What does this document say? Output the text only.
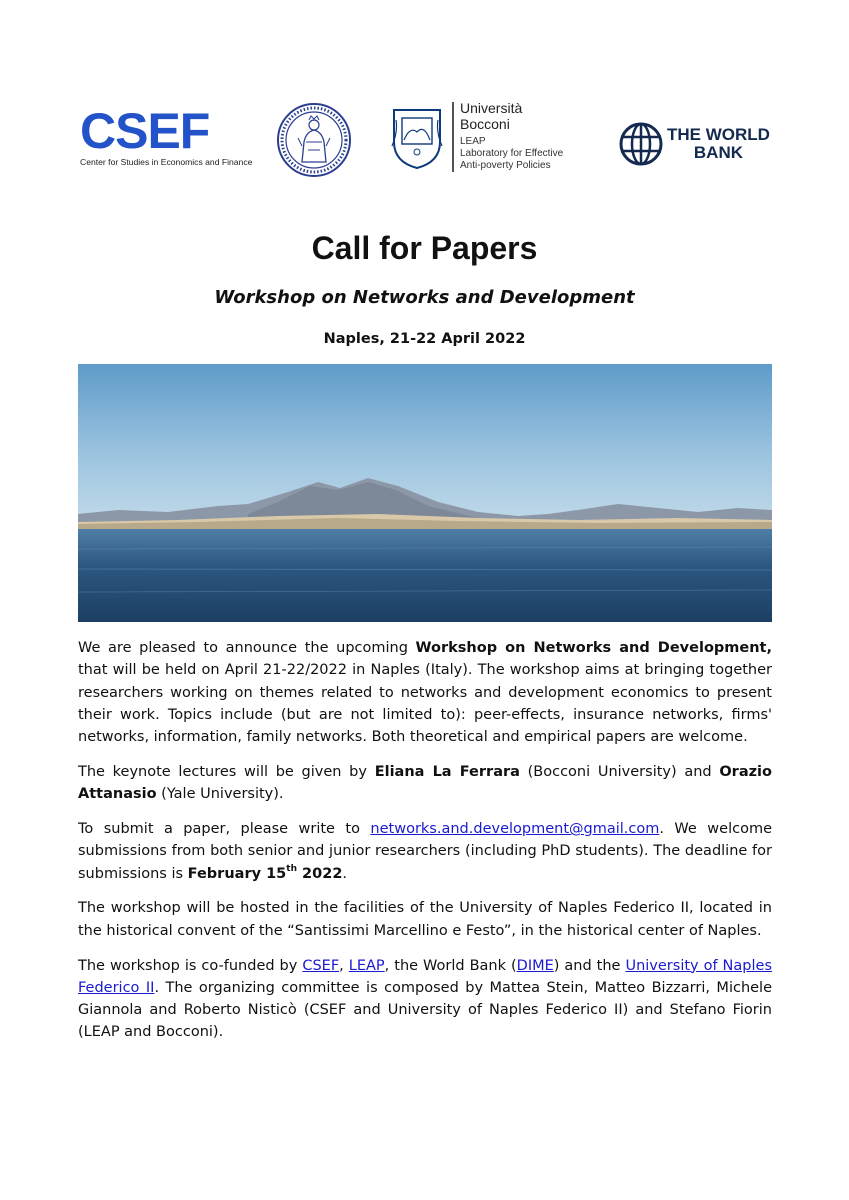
CSEF
Center for Studies in Economics and Finance
Università
Bocconi
LEAP
Laboratory for Effective
Anti-poverty Policies
THE WORLD
BANK
Call for Papers
Workshop on Networks and Development
Naples, 21-22 April 2022

We are pleased to announce the upcoming Workshop on Networks and Development, that will be held on April 21-22/2022 in Naples (Italy). The workshop aims at bringing together researchers working on themes related to networks and development economics to present their work. Topics include (but are not limited to): peer-effects, insurance networks, firms' networks, information, family networks. Both theoretical and empirical papers are welcome.

The keynote lectures will be given by Eliana La Ferrara (Bocconi University) and Orazio Attanasio (Yale University).

To submit a paper, please write to networks.and.development@gmail.com. We welcome submissions from both senior and junior researchers (including PhD students). The deadline for submissions is February 15th 2022.

The workshop will be hosted in the facilities of the University of Naples Federico II, located in the historical convent of the “Santissimi Marcellino e Festo”, in the historical center of Naples.

The workshop is co-funded by CSEF, LEAP, the World Bank (DIME) and the University of Naples Federico II. The organizing committee is composed by Mattea Stein, Matteo Bizzarri, Michele Giannola and Roberto Nisticò (CSEF and University of Naples Federico II) and Stefano Fiorin (LEAP and Bocconi).
